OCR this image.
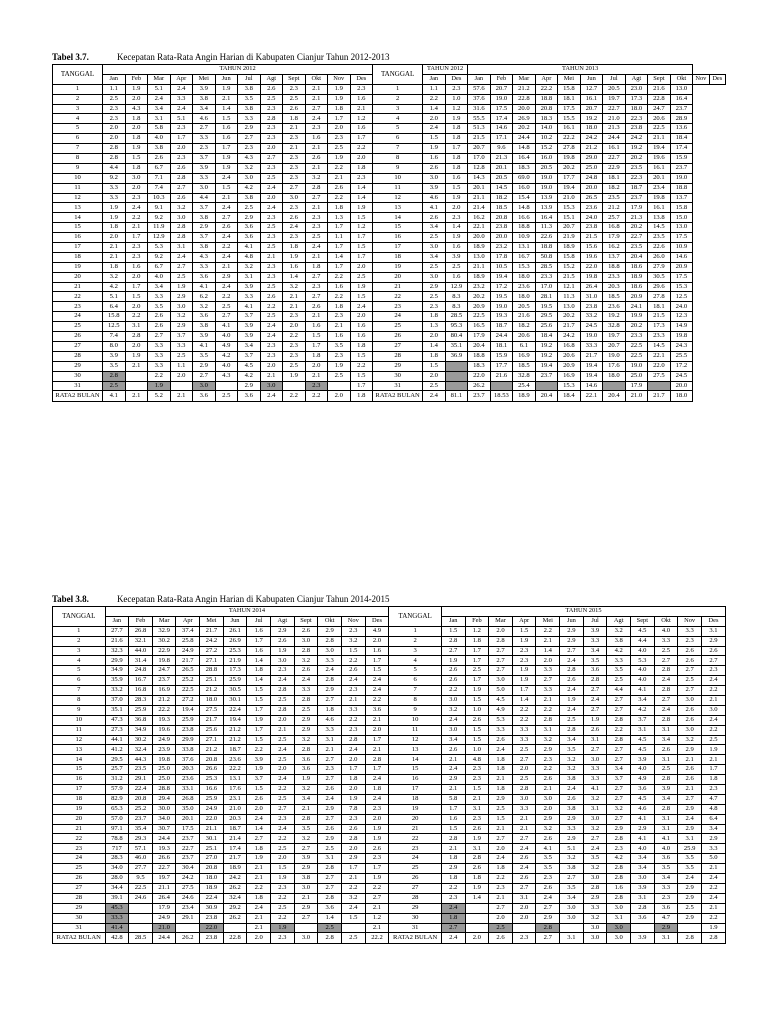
Tabel 3.7.	Kecepatan Rata-Rata Angin Harian di Kabupaten Cianjur Tahun 2012-2013
TANGGAL	TAHUN 2012												TANGGAL	TAHUN 2012		TAHUN 2013											
	Jan	Feb	Mar	Apr	Mei	Jun	Jul	Agt	Sept	Okt	Nov	Des		Jan	Des	Jan	Feb	Mar	Apr	Mei	Jun	Jul	Agt	Sept	Okt	Nov	Des
1	1.1	1.9	5.1	2.4	3.9	1.9	3.8	2.6	2.3	2.1	1.9	2.3	1	1.1	2.3	57.6	20.7	21.2	22.2	15.8	12.7	20.5	23.0	21.6	13.0		
2	2.5	2.0	2.4	3.3	3.8	2.1	3.5	2.5	2.5	2.1	1.9	1.6	2	2.2	1.0	37.6	19.0	22.8	18.8	18.1	16.1	19.7	17.3	22.8	16.4		
3	2.3	4.3	3.4	2.4	3.4	1.4	3.8	2.3	2.6	2.7	1.8	2.1	3	1.4	1.2	31.6	17.5	20.0	20.8	17.5	20.7	22.7	18.0	24.7	23.7		
4	2.3	1.8	3.1	5.1	4.6	1.5	3.3	2.8	1.8	2.4	1.7	1.2	4	2.0	1.9	55.5	17.4	26.9	18.3	15.5	19.2	21.0	22.3	20.6	28.9		
5	2.0	2.0	5.8	2.3	2.7	1.6	2.9	2.3	2.1	2.3	2.0	1.6	5	2.4	1.8	51.3	14.6	20.2	14.0	16.1	18.0	21.3	23.8	22.5	13.6		
6	2.0	1.8	4.0	1.7	3.3	1.6	2.7	2.3	2.3	1.6	2.3	1.7	6	1.5	1.8	21.5	17.1	24.4	10.2	22.2	24.2	24.4	24.2	21.1	18.4		
7	2.8	1.9	3.8	2.0	2.3	1.7	2.3	2.0	2.1	2.1	2.5	2.2	7	1.9	1.7	20.7	9.6	14.8	15.2	27.8	21.2	16.1	19.2	19.4	17.4		
8	2.8	1.5	2.6	2.3	3.7	1.9	4.3	2.7	2.3	2.6	1.9	2.0	8	1.6	1.8	17.0	21.3	16.4	16.0	19.8	29.0	22.7	20.2	19.6	15.9		
9	4.4	1.8	6.7	2.6	3.9	1.9	3.2	2.3	2.3	2.1	2.2	1.8	9	2.6	1.8	12.8	20.1	18.3	20.5	20.2	25.0	22.9	23.5	16.1	23.7		
10	9.2	3.0	7.1	2.8	3.3	2.4	3.0	2.5	2.3	3.2	2.1	2.3	10	3.0	1.6	14.3	20.5	69.0	19.0	17.7	24.8	18.1	22.3	20.1	19.0		
11	3.3	2.0	7.4	2.7	3.0	1.5	4.2	2.4	2.7	2.8	2.6	1.4	11	3.9	1.5	20.1	14.5	16.0	19.0	19.4	20.0	18.2	18.7	23.4	18.8		
12	3.3	2.3	10.3	2.6	4.4	2.1	3.8	2.0	3.0	2.7	2.2	1.4	12	4.6	1.9	21.1	18.2	15.4	13.9	21.0	26.5	23.5	23.7	19.8	13.7		
13	1.9	2.4	9.1	3.2	3.7	2.4	2.5	2.4	2.3	2.1	1.8	1.9	13	4.1	2.0	21.4	18.5	14.8	13.9	15.3	23.6	21.2	17.9	16.1	15.8		
14	1.9	2.2	9.2	3.0	3.8	2.7	2.9	2.3	2.6	2.3	1.3	1.5	14	2.6	2.3	16.2	20.8	16.6	16.4	15.1	24.0	25.7	21.3	13.8	15.0		
15	1.8	2.1	11.9	2.8	2.9	2.6	3.6	2.5	2.4	2.3	1.7	1.2	15	3.4	1.4	22.1	23.8	18.8	11.3	20.7	23.8	16.8	20.2	14.5	13.0		
16	2.0	1.7	12.9	2.8	3.7	2.4	3.6	2.3	2.3	2.5	1.1	1.7	16	2.5	1.9	20.0	20.0	10.9	22.6	21.9	21.5	17.9	22.7	23.5	17.5		
17	2.1	2.3	5.3	3.1	3.8	2.2	4.1	2.5	1.8	2.4	1.7	1.5	17	3.0	1.6	18.9	23.2	13.1	18.8	18.9	15.6	16.2	23.5	22.6	10.9		
18	2.1	2.3	9.2	2.4	4.3	2.4	4.8	2.1	1.9	2.1	1.4	1.7	18	3.4	3.9	13.0	17.8	16.7	50.8	15.8	19.6	13.7	20.4	26.0	14.6		
19	1.8	1.6	6.7	2.7	3.3	2.1	3.2	2.3	1.6	1.8	1.7	2.0	19	2.5	2.5	21.1	10.5	15.3	28.5	15.2	22.0	18.8	18.6	27.9	20.9		
20	3.2	2.0	4.0	2.5	3.6	2.9	3.1	2.3	1.4	2.7	2.2	2.5	20	3.0	1.6	18.9	19.4	18.0	23.3	21.5	19.8	23.3	18.9	30.5	17.5		
21	4.2	1.7	3.4	1.9	4.1	2.4	3.9	2.5	3.2	2.3	1.6	1.9	21	2.9	12.9	23.2	17.2	23.6	17.0	12.1	26.4	20.3	18.6	29.6	15.3		
22	5.1	1.5	3.3	2.9	6.2	2.2	3.3	2.6	2.1	2.7	2.2	1.5	22	2.5	8.3	20.2	19.5	18.0	28.1	11.3	31.0	18.5	20.9	27.8	12.5		
23	6.4	2.0	3.5	3.0	3.2	2.5	4.1	2.2	2.1	2.6	1.8	2.4	23	2.3	8.3	20.9	19.0	20.5	19.5	13.0	23.8	23.6	24.1	18.1	24.0		
24	15.8	2.2	2.6	3.2	3.6	2.7	3.7	2.5	2.3	2.1	2.3	2.0	24	1.8	28.5	22.5	19.3	21.6	29.5	20.2	33.2	19.2	19.9	21.5	12.3		
25	12.5	3.1	2.6	2.9	3.8	4.1	3.9	2.4	2.0	1.6	2.1	1.6	25	1.3	95.3	16.5	18.7	18.2	25.6	21.7	24.5	32.8	20.2	17.3	14.9		
26	7.4	2.8	2.7	3.7	3.9	4.0	3.9	2.4	2.2	1.5	1.6	1.6	26	2.0	80.4	17.9	24.4	20.6	18.4	24.2	19.0	19.7	23.3	23.3	19.8		
27	8.0	2.0	3.3	3.3	4.1	4.9	3.4	2.3	2.3	1.7	3.5	1.8	27	1.4	35.1	20.4	18.1	6.1	19.2	16.8	33.3	20.7	22.5	14.5	24.3		
28	3.9	1.9	3.3	2.5	3.5	4.2	3.7	2.3	2.3	1.8	2.3	1.5	28	1.8	36.9	18.8	15.9	16.9	19.2	20.6	21.7	19.0	22.5	22.1	25.5		
29	3.5	2.1	3.3	1.1	2.9	4.0	4.5	2.0	2.5	2.0	1.9	2.2	29	1.5		18.3	17.7	18.5	19.4	20.9	19.4	17.6	19.0	22.0	17.2		
30	2.8		2.2	2.0	2.7	4.3	4.2	2.1	1.9	2.1	2.5	1.5	30	2.0		22.0	21.6	32.8	23.7	16.9	19.4	18.0	25.0	27.5	24.5		
31	2.5		1.9		3.0		2.9	3.0		2.3		1.7	31	2.5		26.2		25.4		15.3	14.6		17.9		20.0		
RATA2 BULAN	4.1	2.1	5.2	2.1	3.6	2.5	3.6	2.4	2.2	2.2	2.0	1.8	RATA2 BULAN	2.4	81.1	23.7	18.53	18.9	20.4	18.4	22.1	20.4	21.0	21.7	18.0		
Tabel 3.8.	Kecepatan Rata-Rata Angin Harian di Kabupaten Cianjur Tahun 2014-2015
TANGGAL	TAHUN 2014												TANGGAL	TAHUN 2015											
	Jan	Feb	Mar	Apr	Mei	Jun	Jul	Agt	Sept	Okt	Nov	Des		Jan	Feb	Mar	Apr	Mei	Jun	Jul	Agt	Sept	Okt	Nov	Des
1	27.7	26.8	32.9	37.4	21.7	26.1	1.6	2.9	2.6	2.9	2.3	4.9	1	1.5	1.2	2.0	1.5	2.2	2.9	3.9	3.2	4.5	4.0	3.3	3.1
2	21.6	32.1	30.2	25.8	24.2	26.9	1.7	2.6	3.0	2.8	3.2	2.0	2	2.8	1.8	2.8	1.9	2.1	2.9	3.3	3.8	4.4	3.3	2.3	2.9
3	32.3	44.0	22.9	24.9	27.2	25.3	1.6	1.9	2.8	3.0	1.5	1.6	3	2.7	1.7	2.7	2.3	1.4	2.7	3.4	4.2	4.0	2.5	2.6	2.6
4	29.9	31.4	19.8	21.7	27.1	21.9	1.4	3.0	3.2	3.3	2.2	1.7	4	1.9	1.7	2.7	2.3	2.0	2.4	3.5	3.3	5.3	2.7	2.6	2.7
5	34.9	24.8	24.7	26.5	28.8	17.3	1.8	2.3	2.6	2.4	2.6	1.5	5	2.6	2.5	2.7	1.9	3.3	2.8	3.6	3.5	4.0	2.8	2.7	2.3
6	35.9	16.7	23.7	25.2	25.1	25.9	1.4	2.4	2.4	2.8	2.4	2.4	6	2.6	1.7	3.0	1.9	2.7	2.6	2.8	2.5	4.0	2.4	2.5	2.4
7	33.2	16.8	16.9	22.5	21.2	30.5	1.5	2.8	3.3	2.9	2.3	2.4	7	2.2	1.9	5.0	1.7	3.3	2.4	2.7	4.4	4.1	2.8	2.7	2.2
8	37.0	28.3	21.2	27.2	18.0	30.1	1.5	2.5	2.8	2.7	2.1	2.2	8	3.0	1.5	4.5	1.4	2.1	1.9	2.4	2.7	3.4	2.7	3.0	2.1
9	35.1	25.9	22.2	19.4	27.5	22.4	1.7	2.8	2.5	1.8	3.3	3.6	9	3.2	1.0	4.9	2.2	2.2	2.4	2.7	2.7	4.2	2.4	2.6	3.0
10	47.3	36.8	19.3	25.9	21.7	19.4	1.9	2.0	2.9	4.6	2.2	2.1	10	2.4	2.6	5.3	2.2	2.8	2.5	1.9	2.8	3.7	2.8	2.6	2.4
11	27.3	34.9	19.6	23.8	25.6	21.2	1.7	2.1	2.9	3.3	2.3	2.0	11	3.0	1.5	3.3	3.3	3.1	2.8	2.6	2.2	3.1	3.1	3.0	2.2
12	44.1	30.2	24.9	29.9	27.1	21.2	1.5	2.5	3.2	3.1	2.8	1.7	12	3.4	1.5	2.6	3.3	3.2	3.4	3.1	2.8	4.5	3.4	3.2	2.5
13	41.2	32.4	23.9	33.8	21.2	18.7	2.2	2.4	2.8	2.1	2.4	2.1	13	2.6	1.0	2.4	2.5	2.9	3.5	2.7	2.7	4.5	2.6	2.9	1.9
14	29.5	44.3	19.8	37.6	20.8	23.6	3.9	2.5	3.6	2.7	2.0	2.8	14	2.1	4.8	1.8	2.7	2.3	3.2	3.0	2.7	3.9	3.1	2.1	2.1
15	25.7	23.5	25.0	20.3	26.6	22.2	1.9	2.0	3.6	2.3	1.7	1.7	15	2.4	2.3	1.8	2.0	2.2	3.2	3.3	3.4	4.0	2.5	2.6	1.7
16	31.2	29.1	25.0	23.6	25.3	13.1	3.7	2.4	1.9	2.7	1.8	2.4	16	2.9	2.3	2.1	2.5	2.6	3.8	3.3	3.7	4.9	2.8	2.6	1.8
17	57.9	22.4	28.8	33.1	16.6	17.6	1.5	2.2	3.2	2.6	2.0	1.8	17	2.1	1.5	1.8	2.8	2.1	2.4	4.1	2.7	3.6	3.9	2.1	2.3
18	82.9	20.8	29.4	26.8	25.9	23.1	2.6	2.5	3.4	2.4	1.9	2.4	18	5.8	2.1	2.9	3.0	3.0	2.6	3.2	2.7	4.5	3.4	2.7	4.7
19	65.3	25.2	30.0	35.0	24.9	21.0	2.0	2.7	2.1	2.9	7.8	2.3	19	1.7	3.1	2.5	3.3	2.0	3.8	3.1	3.2	4.6	2.8	2.9	4.8
20	57.0	23.7	34.0	20.1	22.0	20.3	2.4	2.3	2.8	2.7	2.3	2.0	20	1.6	2.3	1.5	2.1	2.9	2.9	3.0	2.7	4.1	3.1	2.4	6.4
21	97.1	35.4	30.7	17.5	21.1	18.7	1.4	2.4	3.5	2.6	2.6	1.9	21	1.5	2.6	2.1	2.1	3.2	3.3	3.2	2.9	2.9	3.1	2.9	3.4
22	78.8	29.3	24.4	23.7	30.1	21.4	2.7	2.2	3.2	2.9	2.8	1.9	22	2.8	1.9	2.7	2.7	2.6	2.9	2.7	2.8	4.1	4.1	3.1	2.9
23	717	57.1	19.3	22.7	25.1	17.4	1.8	2.5	2.7	2.5	2.0	2.6	23	2.1	3.1	2.0	2.4	4.1	5.1	2.4	2.3	4.0	4.0	25.9	3.3
24	28.3	46.0	26.6	23.7	27.0	21.7	1.9	2.0	3.9	3.1	2.9	2.3	24	1.8	2.8	2.4	2.6	3.5	3.2	3.5	4.2	3.4	3.6	3.5	5.0
25	34.0	27.7	22.7	30.4	20.8	18.9	2.1	1.5	2.9	2.8	1.7	1.7	25	2.9	2.6	1.8	2.4	3.5	3.8	3.2	2.8	3.4	3.5	3.5	2.1
26	28.0	9.5	19.7	24.2	18.0	24.2	2.1	1.9	3.8	2.7	2.1	1.9	26	1.8	1.8	2.2	2.6	2.3	2.7	3.0	2.8	3.0	3.4	2.4	2.4
27	34.4	22.5	21.1	27.5	18.9	26.2	2.2	2.3	3.0	2.7	2.2	2.2	27	2.2	1.9	2.3	2.7	2.6	3.5	2.8	1.6	3.9	3.3	2.9	2.2
28	39.1	24.6	26.4	24.6	22.4	32.4	1.8	2.2	2.1	2.8	3.2	2.7	28	2.3	1.4	2.1	3.1	2.4	3.4	2.9	2.8	3.1	2.3	2.9	2.4
29	45.3		17.9	23.4	30.9	29.2	2.4	2.5	2.9	3.6	2.4	2.1	29	2.4		2.7	2.0	2.7	3.0	3.3	3.0	2.8	3.6	2.5	2.1
30	33.3		24.9	29.1	23.8	26.2	2.1	2.2	2.7	1.4	1.5	1.2	30	1.8		2.0	2.0	2.9	3.0	3.2	3.1	3.6	4.7	2.9	2.2
31	41.4		21.0		22.0		2.1	1.9		2.5		2.1	31	2.7		2.5		2.8		3.0	3.0		2.9		1.9
RATA2 BULAN	42.8	28.5	24.4	26.2	23.8	22.8	2.0	2.3	3.0	2.8	2.5	22.2	RATA2 BULAN	2.4	2.0	2.6	2.3	2.7	3.1	3.0	3.0	3.9	3.1	2.8	2.8
